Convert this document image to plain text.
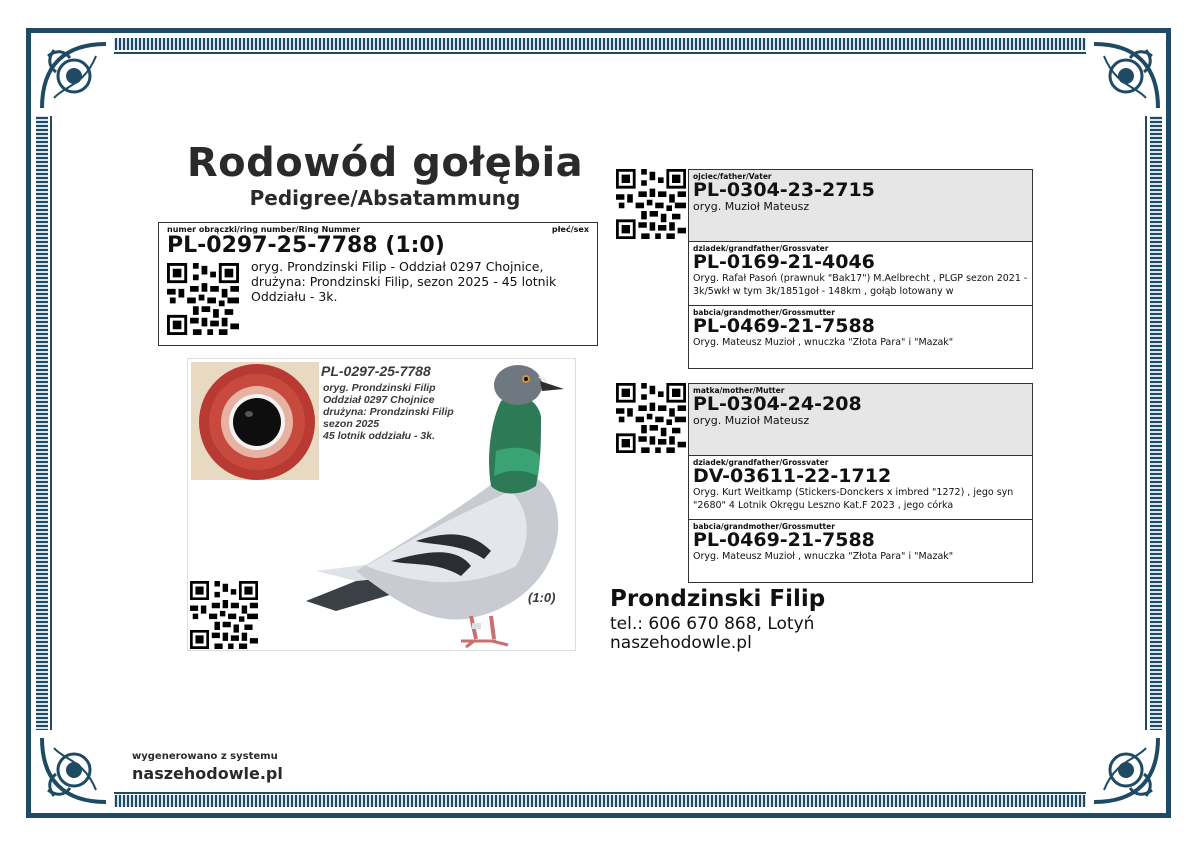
Rodowód gołębia
Pedigree/Absatammung
numer obrączki/ring number/Ring Nummer	płeć/sex
PL-0297-25-7788 (1:0)
oryg. Prondzinski Filip - Oddział 0297 Chojnice, drużyna: Prondzinski Filip, sezon 2025 - 45 lotnik Oddziału - 3k.
PL-0297-25-7788
oryg. Prondzinski Filip
Oddział 0297 Chojnice
drużyna: Prondzinski Filip
sezon 2025
45 lotnik oddziału - 3k.
(1:0)
ojciec/father/Vater
PL-0304-23-2715
oryg. Muzioł Mateusz
dziadek/grandfather/Grossvater
PL-0169-21-4046
Oryg. Rafał Pasoń (prawnuk "Bak17") M.Aelbrecht , PLGP sezon 2021 - 3k/5wkł w tym 3k/1851goł - 148km , gołąb lotowany w
babcia/grandmother/Grossmutter
PL-0469-21-7588
Oryg. Mateusz Muzioł , wnuczka "Złota Para" i "Mazak"
matka/mother/Mutter
PL-0304-24-208
oryg. Muzioł Mateusz
dziadek/grandfather/Grossvater
DV-03611-22-1712
Oryg. Kurt Weitkamp (Stickers-Donckers x imbred "1272) , jego syn "2680" 4 Lotnik Okręgu Leszno Kat.F 2023 , jego córka
babcia/grandmother/Grossmutter
PL-0469-21-7588
Oryg. Mateusz Muzioł , wnuczka "Złota Para" i "Mazak"
Prondzinski Filip
tel.: 606 670 868, Lotyń
naszehodowle.pl
wygenerowano z systemu
naszehodowle.pl
